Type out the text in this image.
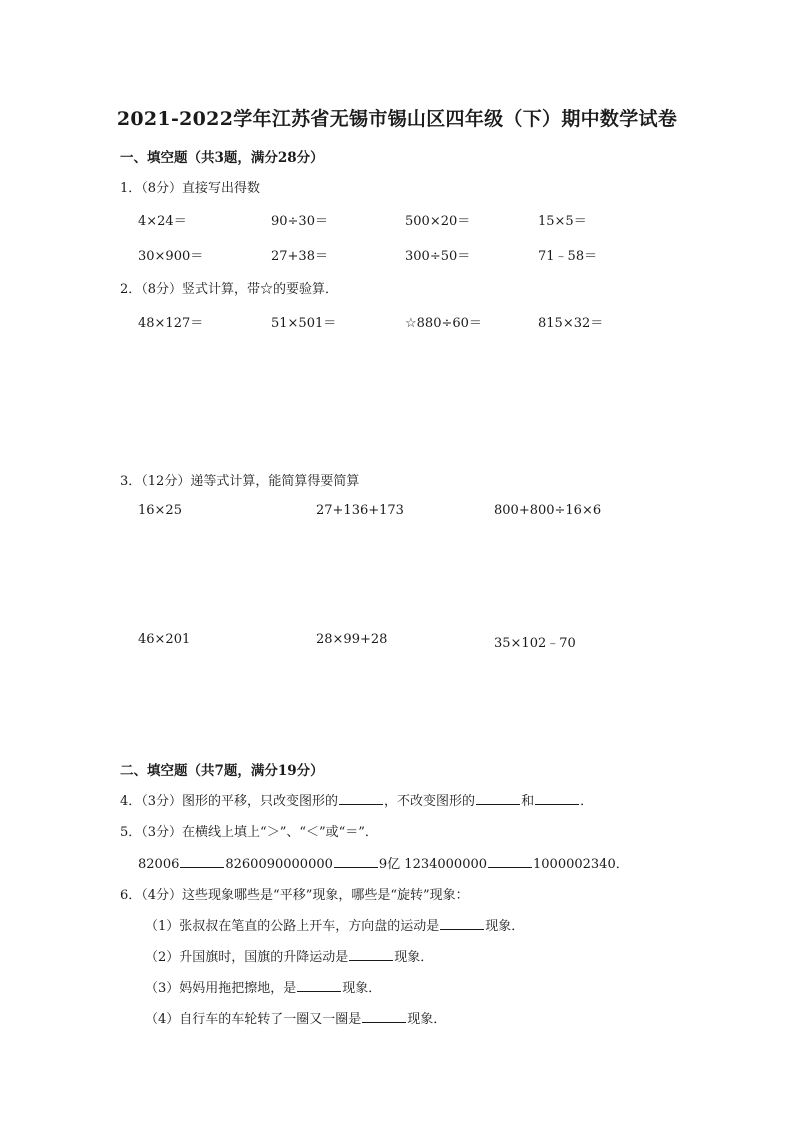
2021-2022学年江苏省无锡市锡山区四年级（下）期中数学试卷
一、填空题（共3题，满分28分）
1．（8分）直接写出得数
4×24＝	90÷30＝	500×20＝	15×5＝
30×900＝	27+38＝	300÷50＝	71﹣58＝
2．（8分）竖式计算，带☆的要验算．
48×127＝	51×501＝	☆880÷60＝	815×32＝
3．（12分）递等式计算，能简算得要简算
16×25	27+136+173	800+800÷16×6
46×201	28×99+28	35×102﹣70
二、填空题（共7题，满分19分）
4．（3分）图形的平移，只改变图形的	，不改变图形的	和	．
5．（3分）在横线上填上“＞”、“＜”或“＝”．
82006	8260090000000	9亿 1234000000	1000002340．
6．（4分）这些现象哪些是“平移”现象，哪些是“旋转”现象：
（1）张叔叔在笔直的公路上开车，方向盘的运动是	现象．
（2）升国旗时，国旗的升降运动是	现象．
（3）妈妈用拖把擦地，是	现象．
（4）自行车的车轮转了一圈又一圈是	现象．
